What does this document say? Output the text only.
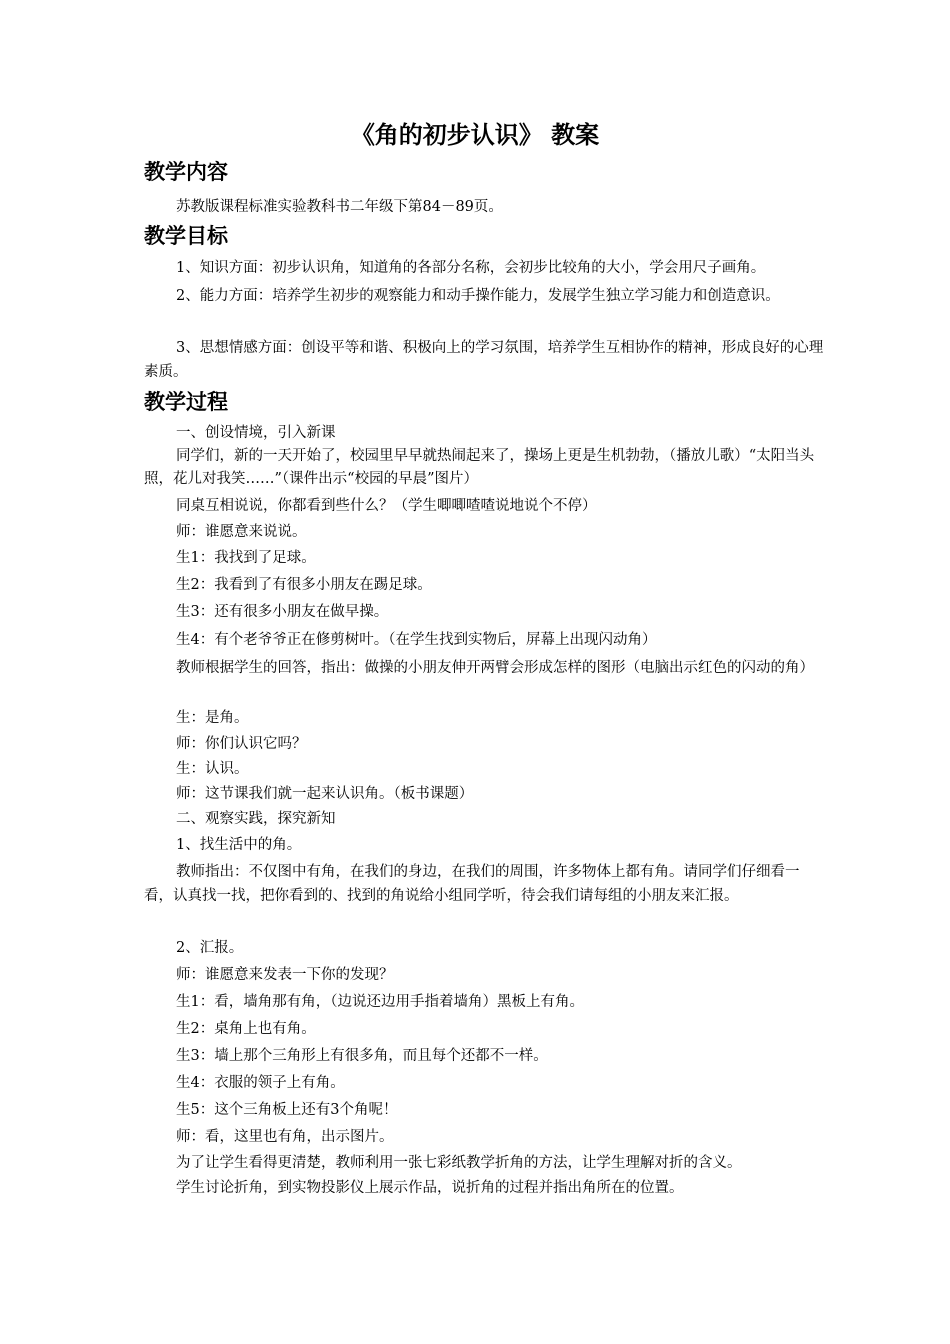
《角的初步认识》 教案
教学内容
苏教版课程标准实验教科书二年级下第84－89页。
教学目标
1、知识方面：初步认识角，知道角的各部分名称，会初步比较角的大小，学会用尺子画角。
2、能力方面：培养学生初步的观察能力和动手操作能力，发展学生独立学习能力和创造意识。
3、思想情感方面：创设平等和谐、积极向上的学习氛围，培养学生互相协作的精神，形成良好的心理素质。
教学过程
一、创设情境，引入新课
同学们，新的一天开始了，校园里早早就热闹起来了，操场上更是生机勃勃，（播放儿歌）“太阳当头照，花儿对我笑……”（课件出示“校园的早晨”图片）
同桌互相说说，你都看到些什么？（学生唧唧喳喳说地说个不停）
师：谁愿意来说说。
生1：我找到了足球。
生2：我看到了有很多小朋友在踢足球。
生3：还有很多小朋友在做早操。
生4：有个老爷爷正在修剪树叶。（在学生找到实物后，屏幕上出现闪动角）
教师根据学生的回答，指出：做操的小朋友伸开两臂会形成怎样的图形（电脑出示红色的闪动的角）
生：是角。
师：你们认识它吗？
生：认识。
师：这节课我们就一起来认识角。（板书课题）
二、观察实践，探究新知
1、找生活中的角。
教师指出：不仅图中有角，在我们的身边，在我们的周围，许多物体上都有角。请同学们仔细看一看，认真找一找，把你看到的、找到的角说给小组同学听，待会我们请每组的小朋友来汇报。
2、汇报。
师：谁愿意来发表一下你的发现？
生1：看，墙角那有角，（边说还边用手指着墙角）黑板上有角。
生2：桌角上也有角。
生3：墙上那个三角形上有很多角，而且每个还都不一样。
生4：衣服的领子上有角。
生5：这个三角板上还有3个角呢！
师：看，这里也有角，出示图片。
为了让学生看得更清楚，教师利用一张七彩纸教学折角的方法，让学生理解对折的含义。
学生讨论折角，到实物投影仪上展示作品，说折角的过程并指出角所在的位置。
